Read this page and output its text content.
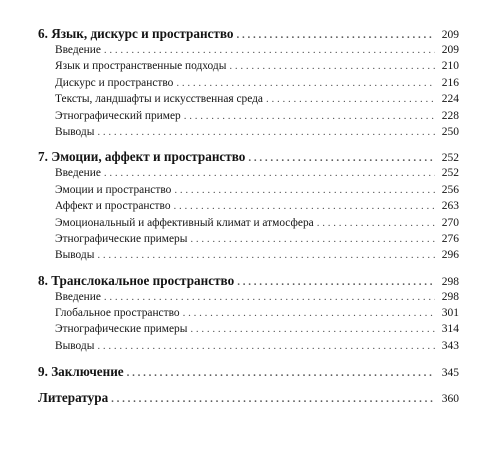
6. Язык, дискурс и пространство . . .	209
Введение . . .	209
Язык и пространственные подходы . . .	210
Дискурс и пространство . . .	216
Тексты, ландшафты и искусственная среда . . .	224
Этнографический пример . . .	228
Выводы . . .	250
7. Эмоции, аффект и пространство . . .	252
Введение . . .	252
Эмоции и пространство . . .	256
Аффект и пространство . . .	263
Эмоциональный и аффективный климат и атмосфера . . .	270
Этнографические примеры . . .	276
Выводы . . .	296
8. Транслокальное пространство . . .	298
Введение . . .	298
Глобальное пространство . . .	301
Этнографические примеры . . .	314
Выводы . . .	343
9. Заключение . . .	345
Литература . . .	360
